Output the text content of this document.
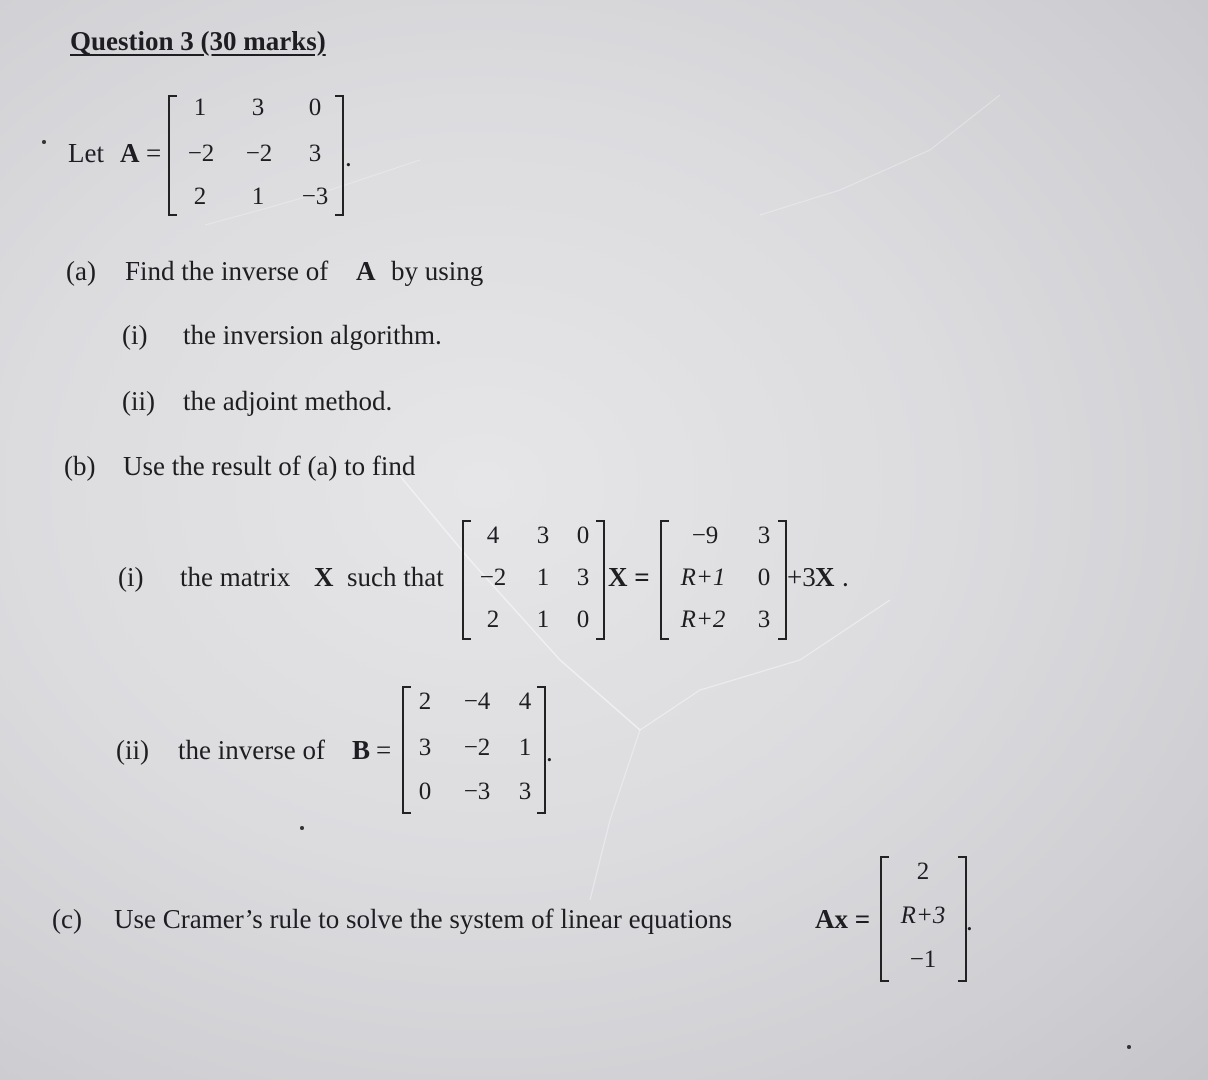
Question 3 (30 marks)
Let A =
1	3	0
−2	−2	3
2	1	−3
.
(a) Find the inverse of A by using
(i) the inversion algorithm.
(ii) the adjoint method.
(b) Use the result of (a) to find
(i) the matrix X such that
4	3	0
−2	1	3
2	1	0
X =
−9	3
R+1	0
R+2	3
+3 X .
(ii) the inverse of B =
2	−4	4
3	−2	1
0	−3	3
.
(c) Use Cramer’s rule to solve the system of linear equations	Ax =
2
R+3
−1
.
